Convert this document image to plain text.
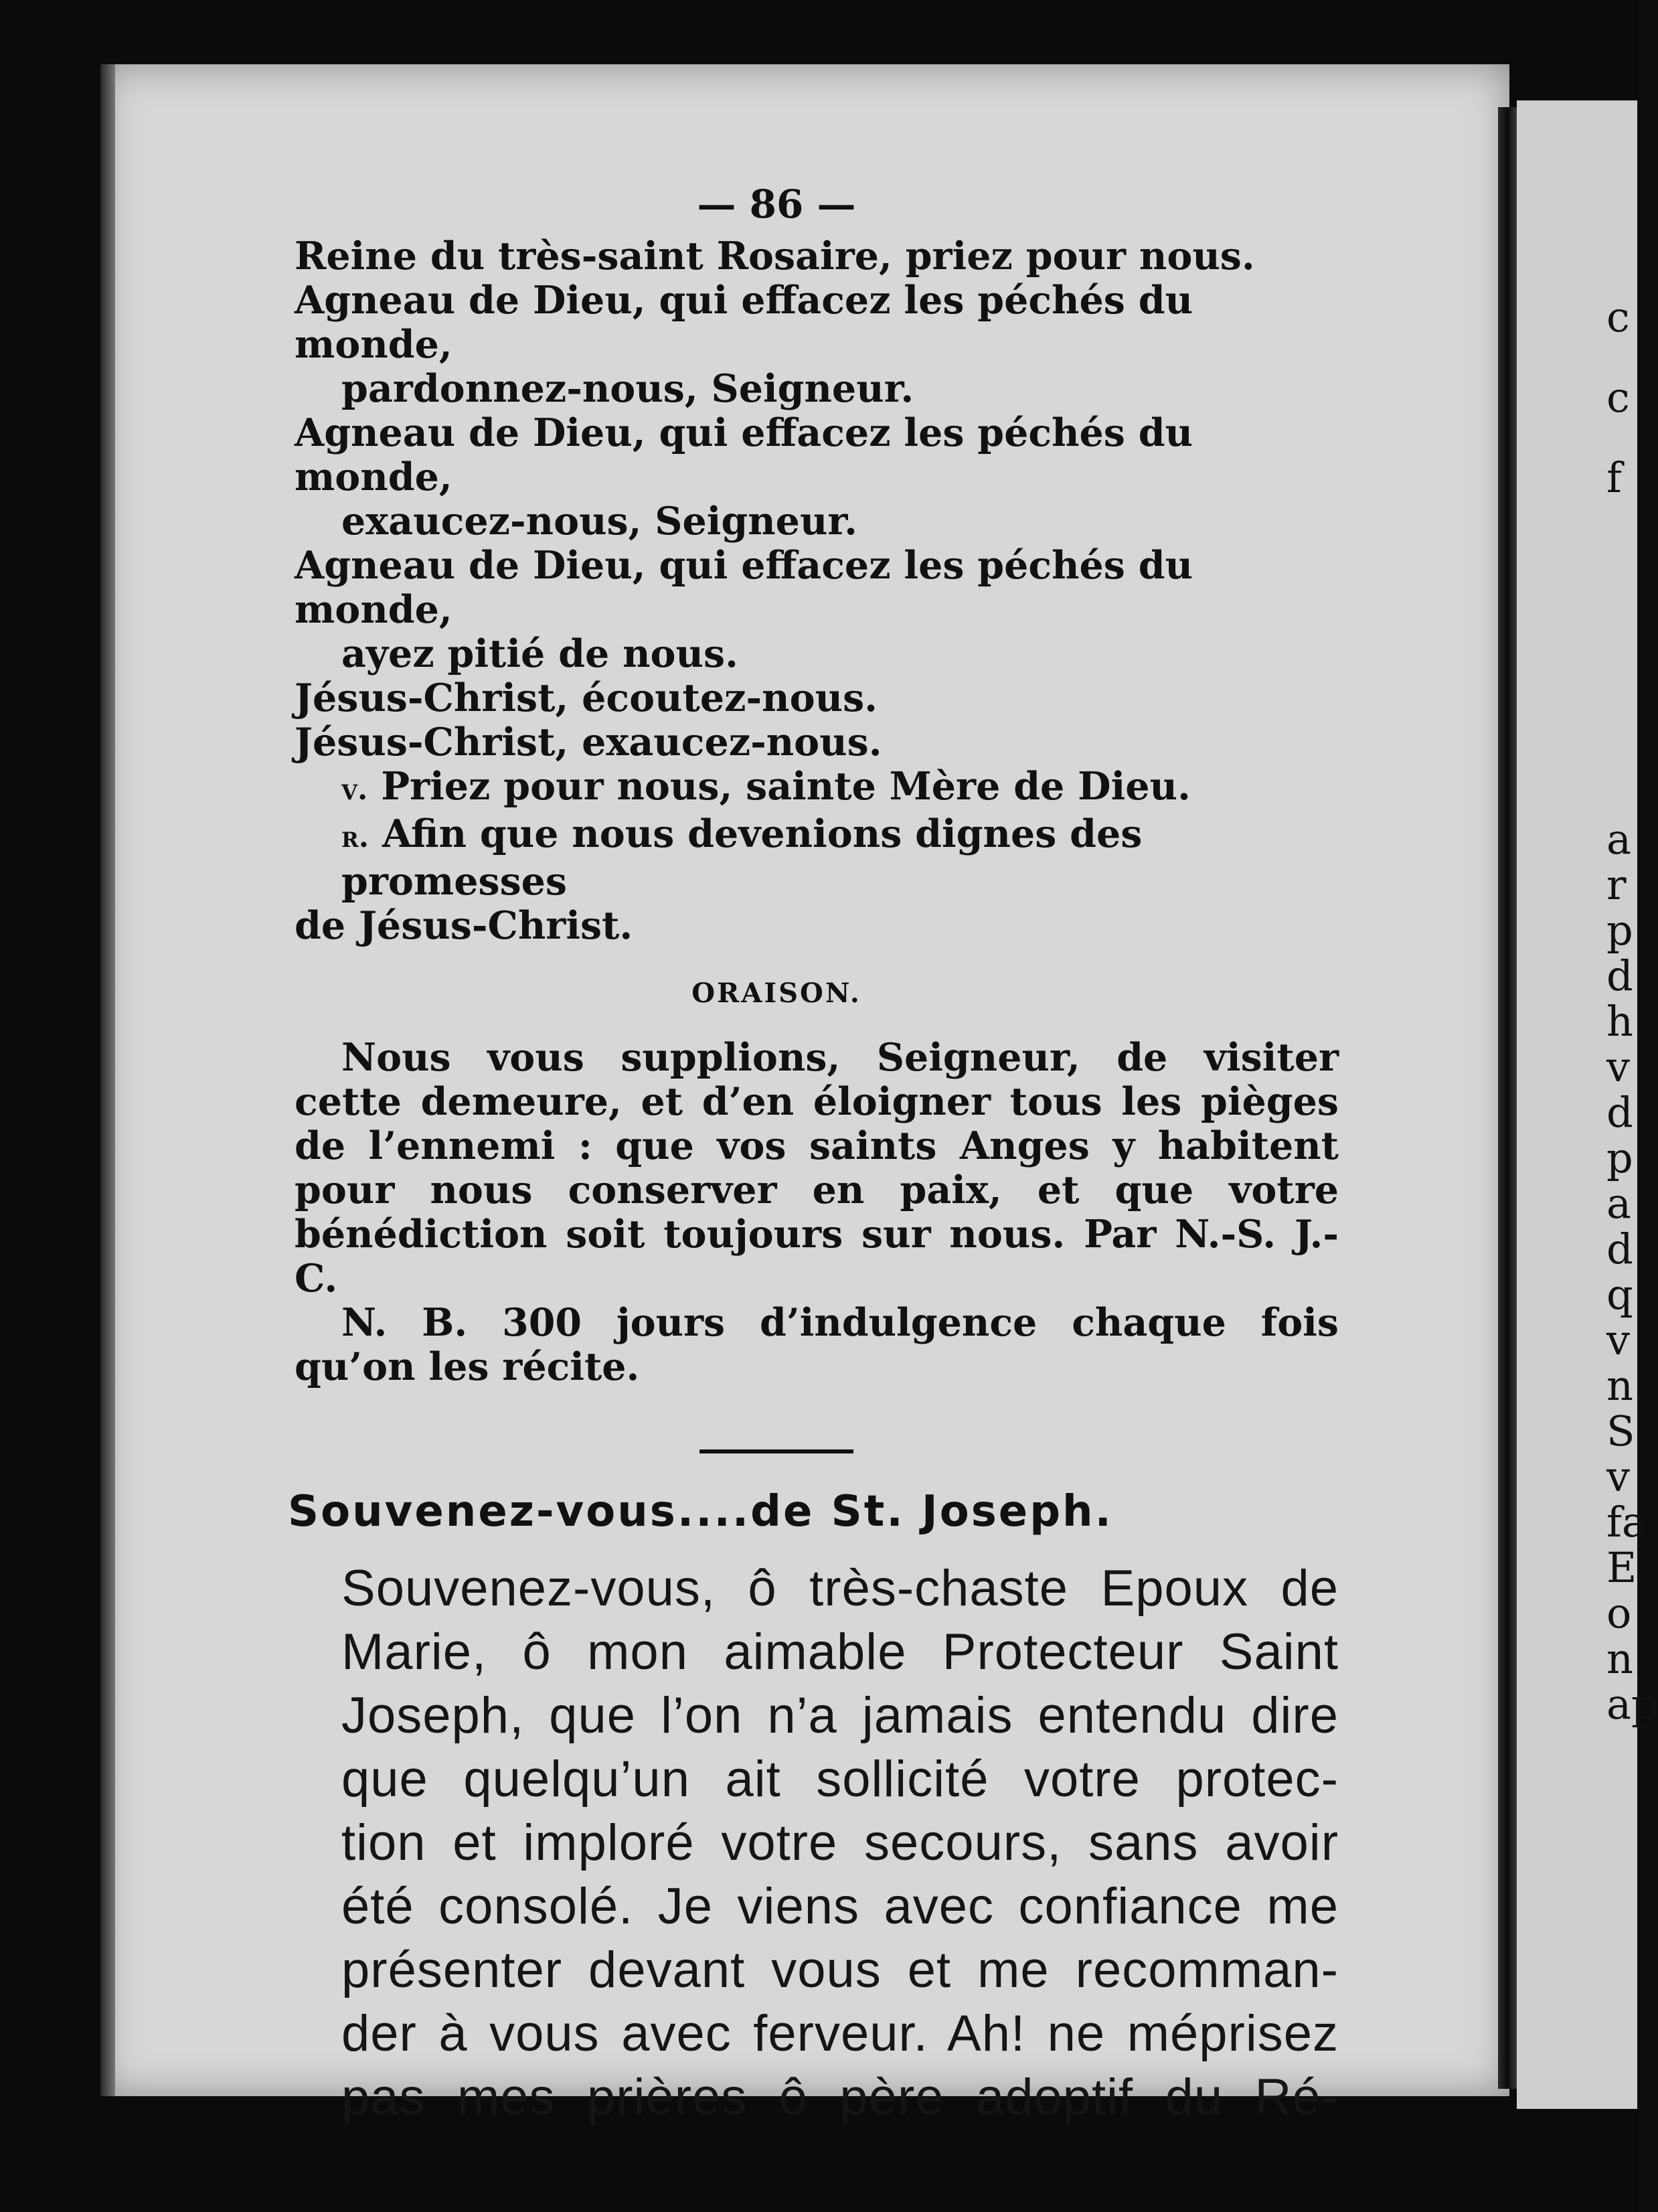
a
r
p
d
h
v
d
p
a
d
q
v
n
S
v
fa
E
o
n
ap
c
c
f
— 86 —
Reine du très-saint Rosaire, priez pour nous.
Agneau de Dieu, qui effacez les péchés du monde,
pardonnez-nous, Seigneur.
Agneau de Dieu, qui effacez les péchés du monde,
exaucez-nous, Seigneur.
Agneau de Dieu, qui effacez les péchés du monde,
ayez pitié de nous.
Jésus-Christ, écoutez-nous.
Jésus-Christ, exaucez-nous.
v. Priez pour nous, sainte Mère de Dieu.
r. Afin que nous devenions dignes des promesses
de Jésus-Christ.
ORAISON.

Nous vous supplions, Seigneur, de visiter cette demeure, et d’en éloigner tous les pièges de l’ennemi : que vos saints Anges y habitent pour nous conserver en paix, et que votre bénédiction soit toujours sur nous. Par N.-S. J.-C.

N. B. 300 jours d’indulgence chaque fois qu’on les récite.

Souvenez-vous....de St. Joseph.
Souvenez-vous, ô très-chaste Epoux de
Marie, ô mon aimable Protecteur Saint
Joseph, que l’on n’a jamais entendu dire
que quelqu’un ait sollicité votre protec-
tion et imploré votre secours, sans avoir
été consolé. Je viens avec confiance me
présenter devant vous et me recomman-
der à vous avec ferveur. Ah! ne méprisez
pas mes prières ô père adoptif du Ré-
